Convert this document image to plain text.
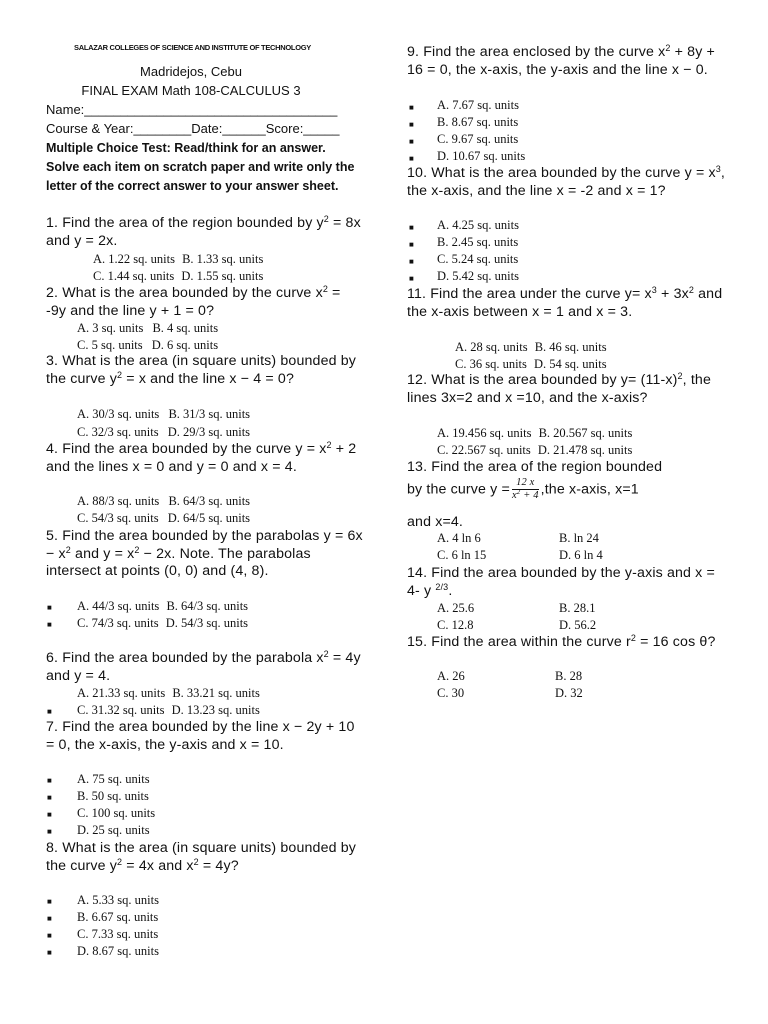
SALAZAR COLLEGES OF SCIENCE AND INSTITUTE OF TECHNOLOGY
Madridejos, Cebu
FINAL EXAM Math 108-CALCULUS 3
Name:___________________________________
Course & Year:________Date:______Score:_____
Multiple Choice Test: Read/think for an answer. Solve each item on scratch paper and write only the letter of the correct answer to your answer sheet.
1. Find the area of the region bounded by $y^2 = 8x$ and y = 2x.
A. 1.22 sq. units B. 1.33 sq. units
C. 1.44 sq. units D. 1.55 sq. units
2. What is the area bounded by the curve $x^2 = -9y$ and the line y + 1 = 0?
A. 3 sq. units B. 4 sq. units
C. 5 sq. units D. 6 sq. units
3. What is the area (in square units) bounded by the curve $y^2 = x$ and the line x − 4 = 0?
A. 30/3 sq. units B. 31/3 sq. units
C. 32/3 sq. units D. 29/3 sq. units
4. Find the area bounded by the curve $y = x^2 + 2$ and the lines x = 0 and y = 0 and x = 4.
A. 88/3 sq. units B. 64/3 sq. units
C. 54/3 sq. units D. 64/5 sq. units
5. Find the area bounded by the parabolas $y = 6x - x^2$ and $y = x^2 - 2x$. Note. The parabolas intersect at points (0, 0) and (4, 8).
■ A. 44/3 sq. units B. 64/3 sq. units
■ C. 74/3 sq. units D. 54/3 sq. units
6. Find the area bounded by the parabola $x^2 = 4y$ and y = 4.
A. 21.33 sq. units B. 33.21 sq. units
■ C. 31.32 sq. units D. 13.23 sq. units
7. Find the area bounded by the line x − 2y + 10 = 0, the x-axis, the y-axis and x = 10.
■ A. 75 sq. units
■ B. 50 sq. units
■ C. 100 sq. units
■ D. 25 sq. units
8. What is the area (in square units) bounded by the curve $y^2 = 4x$ and $x^2 = 4y$?
■ A. 5.33 sq. units
■ B. 6.67 sq. units
■ C. 7.33 sq. units
■ D. 8.67 sq. units
9. Find the area enclosed by the curve $x^2 + 8y + 16 = 0$, the x-axis, the y-axis and the line x − 0.
■ A. 7.67 sq. units
■ B. 8.67 sq. units
■ C. 9.67 sq. units
■ D. 10.67 sq. units
10. What is the area bounded by the curve $y = x^3$, the x-axis, and the line x = -2 and x = 1?
■ A. 4.25 sq. units
■ B. 2.45 sq. units
■ C. 5.24 sq. units
■ D. 5.42 sq. units
11. Find the area under the curve $y= x^3 + 3x^2$ and the x-axis between x = 1 and x = 3.
A. 28 sq. units B. 46 sq. units
C. 36 sq. units D. 54 sq. units
12. What is the area bounded by $y= (11-x)^2$, the lines 3x=2 and x =10, and the x-axis?
A. 19.456 sq. units B. 20.567 sq. units
C. 22.567 sq. units D. 21.478 sq. units
13. Find the area of the region bounded
by the curve $y = \frac{12 x}{x^2 + 4} ,the$ x-axis, x=1
and x=4.
A. 4 ln 6	B. ln 24
C. 6 ln 15	D. 6 ln 4
14. Find the area bounded by the y-axis and x = 4- y $^{2/3}$.
A. 25.6	B. 28.1
C. 12.8	D. 56.2
15. Find the area within the curve $r^2 = 16$ cos θ?
A. 26	B. 28
C. 30	D. 32
